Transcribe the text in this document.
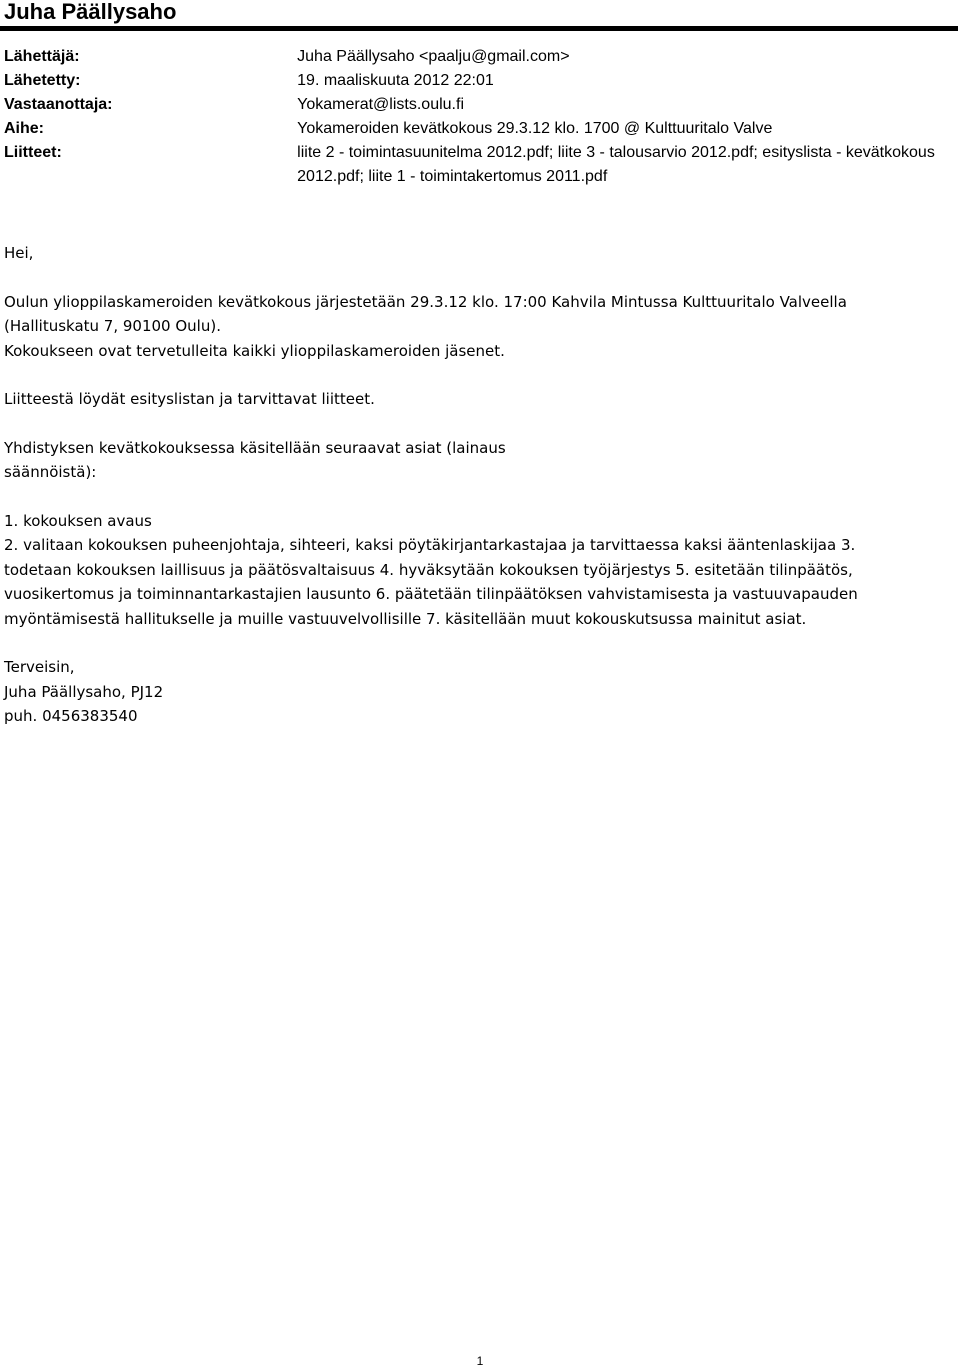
Juha Päällysaho
Lähettäjä:	Juha Päällysaho <paalju@gmail.com>
Lähetetty:	19. maaliskuuta 2012 22:01
Vastaanottaja:	Yokamerat@lists.oulu.fi
Aihe:	Yokameroiden kevätkokous 29.3.12 klo. 1700 @ Kulttuuritalo Valve
Liitteet:	liite 2 - toimintasuunitelma 2012.pdf; liite 3 - talousarvio 2012.pdf; esityslista - kevätkokous 2012.pdf; liite 1 - toimintakertomus 2011.pdf

Hei,

Oulun ylioppilaskameroiden kevätkokous järjestetään 29.3.12 klo. 17:00 Kahvila Mintussa Kulttuuritalo Valveella

(Hallituskatu 7, 90100 Oulu).

Kokoukseen ovat tervetulleita kaikki ylioppilaskameroiden jäsenet.

Liitteestä löydät esityslistan ja tarvittavat liitteet.

Yhdistyksen kevätkokouksessa käsitellään seuraavat asiat (lainaus

säännöistä):

1. kokouksen avaus

2. valitaan kokouksen puheenjohtaja, sihteeri, kaksi pöytäkirjantarkastajaa ja tarvittaessa kaksi ääntenlaskijaa 3.

todetaan kokouksen laillisuus ja päätösvaltaisuus 4. hyväksytään kokouksen työjärjestys 5. esitetään tilinpäätös,

vuosikertomus ja toiminnantarkastajien lausunto 6. päätetään tilinpäätöksen vahvistamisesta ja vastuuvapauden

myöntämisestä hallitukselle ja muille vastuuvelvollisille 7. käsitellään muut kokouskutsussa mainitut asiat.

Terveisin,

Juha Päällysaho, PJ12

puh. 0456383540

1
